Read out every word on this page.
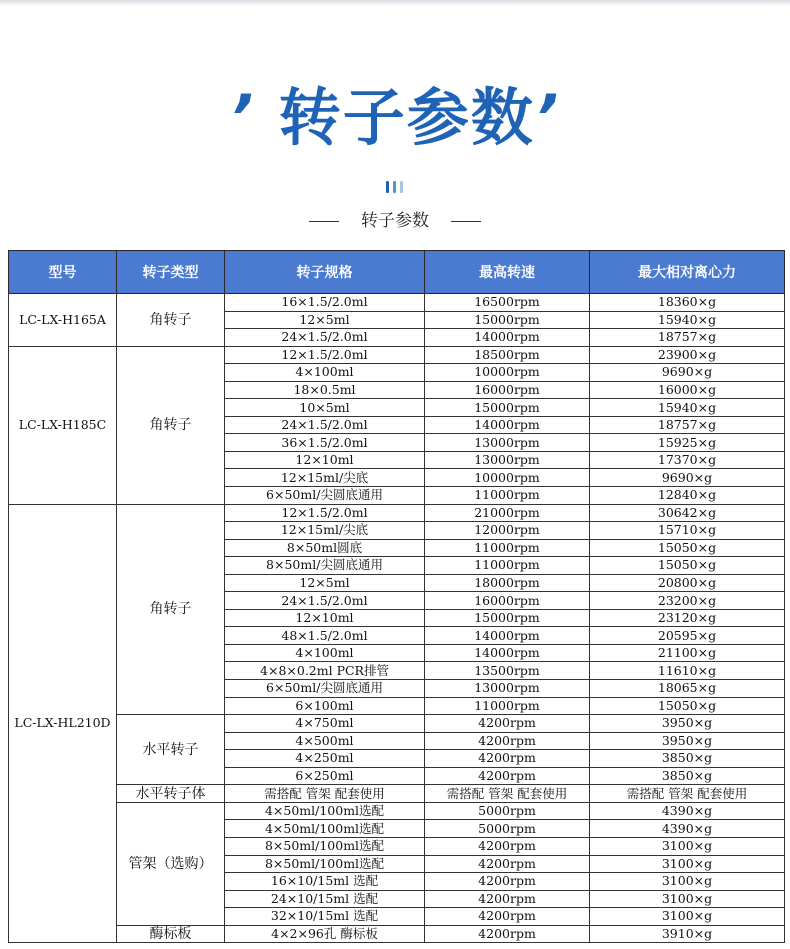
’ 转子参数’
转子参数
型号	转子类型	转子规格	最高转速	最大相对离心力
LC-LX-H165A	角转子	16×1.5/2.0ml	16500rpm	18360×g
		12×5ml	15000rpm	15940×g
		24×1.5/2.0ml	14000rpm	18757×g
LC-LX-H185C	角转子	12×1.5/2.0ml	18500rpm	23900×g
		4×100ml	10000rpm	9690×g
		18×0.5ml	16000rpm	16000×g
		10×5ml	15000rpm	15940×g
		24×1.5/2.0ml	14000rpm	18757×g
		36×1.5/2.0ml	13000rpm	15925×g
		12×10ml	13000rpm	17370×g
		12×15ml/尖底	10000rpm	9690×g
		6×50ml/尖圆底通用	11000rpm	12840×g
LC-LX-HL210D	角转子	12×1.5/2.0ml	21000rpm	30642×g
		12×15ml/尖底	12000rpm	15710×g
		8×50ml圆底	11000rpm	15050×g
		8×50ml/尖圆底通用	11000rpm	15050×g
		12×5ml	18000rpm	20800×g
		24×1.5/2.0ml	16000rpm	23200×g
		12×10ml	15000rpm	23120×g
		48×1.5/2.0ml	14000rpm	20595×g
		4×100ml	14000rpm	21100×g
		4×8×0.2ml PCR排管	13500rpm	11610×g
		6×50ml/尖圆底通用	13000rpm	18065×g
		6×100ml	11000rpm	15050×g
	水平转子	4×750ml	4200rpm	3950×g
		4×500ml	4200rpm	3950×g
		4×250ml	4200rpm	3850×g
		6×250ml	4200rpm	3850×g
	水平转子体	需搭配 管架 配套使用	需搭配 管架 配套使用	需搭配 管架 配套使用
	管架（选购）	4×50ml/100ml选配	5000rpm	4390×g
		4×50ml/100ml选配	5000rpm	4390×g
		8×50ml/100ml选配	4200rpm	3100×g
		8×50ml/100ml选配	4200rpm	3100×g
		16×10/15ml 选配	4200rpm	3100×g
		24×10/15ml 选配	4200rpm	3100×g
		32×10/15ml 选配	4200rpm	3100×g
	酶标板	4×2×96孔 酶标板	4200rpm	3910×g
